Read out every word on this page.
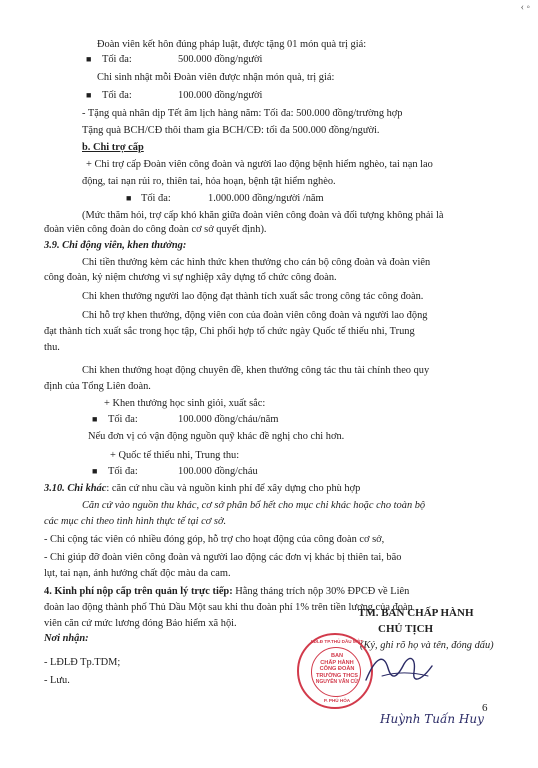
‹ ◦
Đoàn viên kết hôn đúng pháp luật, được tặng 01 món quà trị giá:
■ Tối đa:	500.000 đồng/người
Chi sinh nhật mỗi Đoàn viên được nhận món quà, trị giá:
■ Tối đa:	100.000 đồng/người
- Tặng quà nhân dịp Tết âm lịch hàng năm: Tối đa: 500.000 đồng/trường hợp
Tặng quà BCH/CĐ thôi tham gia BCH/CĐ: tối đa 500.000 đồng/người.
b. Chi trợ cấp
+ Chi trợ cấp Đoàn viên công đoàn và người lao động bệnh hiểm nghèo, tai nạn lao
động, tai nạn rủi ro, thiên tai, hỏa hoạn, bệnh tật hiểm nghèo.
■ Tối đa:	1.000.000 đồng/người /năm
(Mức thăm hỏi, trợ cấp khó khăn giữa đoàn viên công đoàn và đối tượng không phải là
đoàn viên công đoàn do công đoàn cơ sở quyết định).
3.9. Chi động viên, khen thưởng:
Chi tiền thưởng kèm các hình thức khen thưởng cho cán bộ công đoàn và đoàn viên
công đoàn, kỷ niệm chương vì sự nghiệp xây dựng tổ chức công đoàn.
Chi khen thưởng người lao động đạt thành tích xuất sắc trong công tác công đoàn.
Chi hỗ trợ khen thưởng, động viên con của đoàn viên công đoàn và người lao động
đạt thành tích xuất sắc trong học tập, Chi phối hợp tổ chức ngày Quốc tế thiếu nhi, Trung
thu.
Chi khen thưởng hoạt động chuyên đề, khen thưởng công tác thu tài chính theo quy
định của Tổng Liên đoàn.
+ Khen thưởng học sinh giỏi, xuất sắc:
■ Tối đa:	100.000 đồng/cháu/năm
Nếu đơn vị có vận động nguồn quỹ khác đề nghị cho chi hơn.
+ Quốc tế thiếu nhi, Trung thu:
■ Tối đa:	100.000 đồng/cháu
3.10. Chi khác: căn cứ nhu cầu và nguồn kinh phí để xây dựng cho phù hợp
Căn cứ vào nguồn thu khác, cơ sở phân bổ hết cho mục chi khác hoặc cho toàn bộ
các mục chi theo tình hình thực tế tại cơ sở.
- Chi cộng tác viên có nhiều đóng góp, hỗ trợ cho hoạt động của công đoàn cơ sở,
- Chi giúp đỡ đoàn viên công đoàn và người lao động các đơn vị khác bị thiên tai, bão
lụt, tai nạn, ảnh hưởng chất độc màu da cam.
4. Kinh phí nộp cấp trên quản lý trực tiếp: Hằng tháng trích nộp 30% ĐPCĐ về Liên
đoàn lao động thành phố Thủ Dầu Một sau khi thu đoàn phí 1% trên tiền lương của đoàn
viên căn cứ mức lương đóng Bảo hiểm xã hội.
Nơi nhận:
- LĐLĐ Tp.TDM;
- Lưu.
TM. BAN CHẤP HÀNH
CHỦ TỊCH
(Ký, ghi rõ họ và tên, đóng dấu)
LĐLĐ TP.THỦ DẦU MỘT
BAN
CHẤP HÀNH
CÔNG ĐOÀN
TRƯỜNG THCS
NGUYỄN VĂN CỪ
P. PHÚ HÒA
Huỳnh Tuấn Huy
6
